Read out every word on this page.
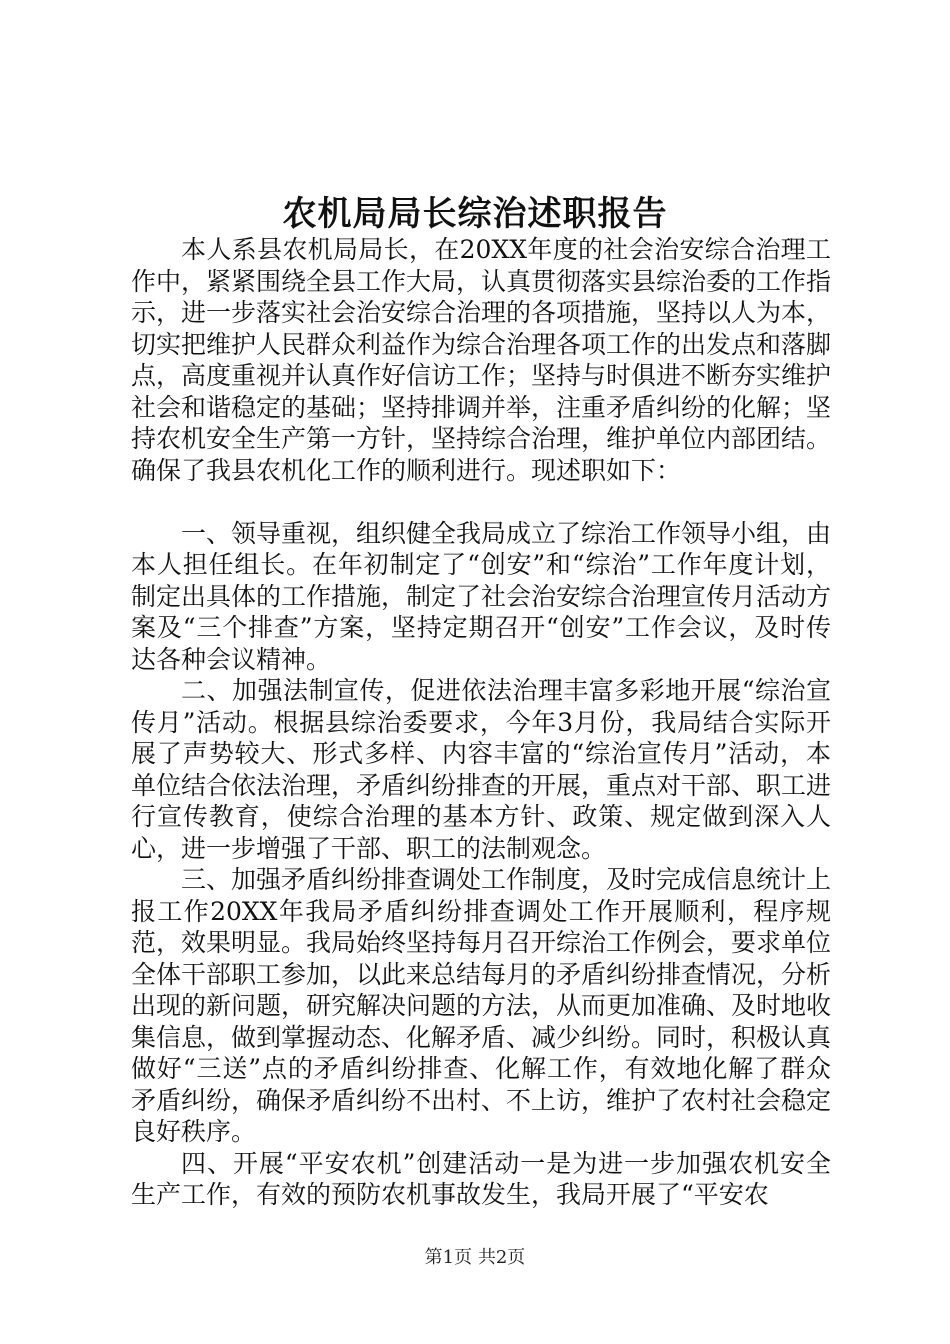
农机局局长综治述职报告

本人系县农机局局长，在20XX年度的社会治安综合治理工作中，紧紧围绕全县工作大局，认真贯彻落实县综治委的工作指示，进一步落实社会治安综合治理的各项措施，坚持以人为本，切实把维护人民群众利益作为综合治理各项工作的出发点和落脚点，高度重视并认真作好信访工作；坚持与时俱进不断夯实维护社会和谐稳定的基础；坚持排调并举，注重矛盾纠纷的化解；坚持农机安全生产第一方针，坚持综合治理，维护单位内部团结。确保了我县农机化工作的顺利进行。现述职如下：

一、领导重视，组织健全我局成立了综治工作领导小组，由本人担任组长。在年初制定了“创安”和“综治”工作年度计划，制定出具体的工作措施，制定了社会治安综合治理宣传月活动方案及“三个排查”方案，坚持定期召开“创安”工作会议，及时传达各种会议精神。

二、加强法制宣传，促进依法治理丰富多彩地开展“综治宣传月”活动。根据县综治委要求，今年3月份，我局结合实际开展了声势较大、形式多样、内容丰富的“综治宣传月”活动，本单位结合依法治理，矛盾纠纷排查的开展，重点对干部、职工进行宣传教育，使综合治理的基本方针、政策、规定做到深入人心，进一步增强了干部、职工的法制观念。

三、加强矛盾纠纷排查调处工作制度，及时完成信息统计上报工作20XX年我局矛盾纠纷排查调处工作开展顺利，程序规范，效果明显。我局始终坚持每月召开综治工作例会，要求单位全体干部职工参加，以此来总结每月的矛盾纠纷排查情况，分析出现的新问题，研究解决问题的方法，从而更加准确、及时地收集信息，做到掌握动态、化解矛盾、减少纠纷。同时，积极认真做好“三送”点的矛盾纠纷排查、化解工作，有效地化解了群众矛盾纠纷，确保矛盾纠纷不出村、不上访，维护了农村社会稳定良好秩序。

四、开展“平安农机”创建活动一是为进一步加强农机安全生产工作，有效的预防农机事故发生，我局开展了“平安农

第1页 共2页
